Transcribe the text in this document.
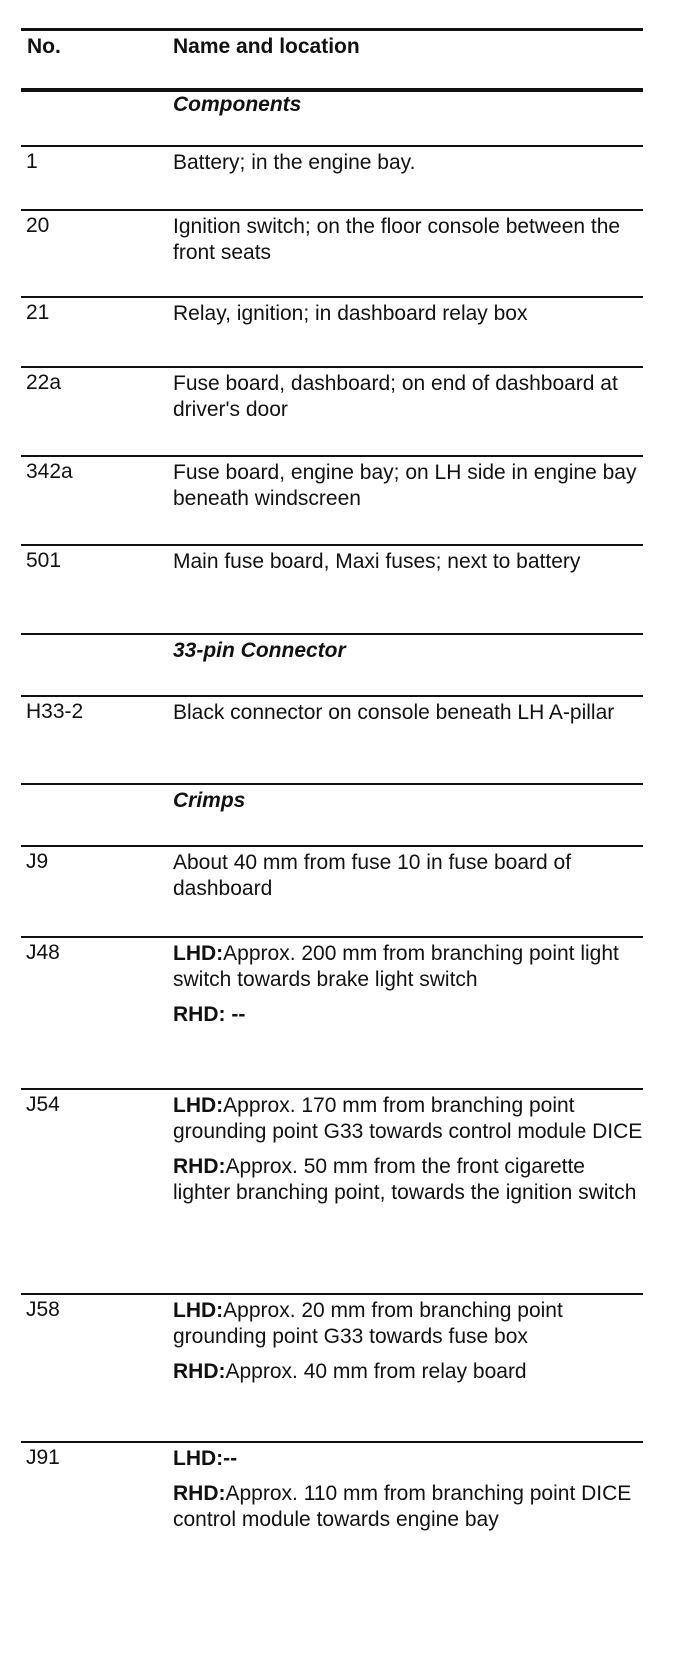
No.	Name and location
Components
1	Battery; in the engine bay.
20	Ignition switch; on the floor console between the front seats
21	Relay, ignition; in dashboard relay box
22a	Fuse board, dashboard; on end of dashboard at driver's door
342a	Fuse board, engine bay; on LH side in engine bay beneath windscreen
501	Main fuse board, Maxi fuses; next to battery
33-pin Connector
H33-2	Black connector on console beneath LH A-pillar
Crimps
J9	About 40 mm from fuse 10 in fuse board of dashboard
J48	LHD:Approx. 200 mm from branching point light switch towards brake light switch

RHD: --

J54	LHD:Approx. 170 mm from branching point grounding point G33 towards control module DICE

RHD:Approx. 50 mm from the front cigarette lighter branching point, towards the ignition switch

J58	LHD:Approx. 20 mm from branching point grounding point G33 towards fuse box

RHD:Approx. 40 mm from relay board

J91	LHD:--

RHD:Approx. 110 mm from branching point DICE control module towards engine bay
